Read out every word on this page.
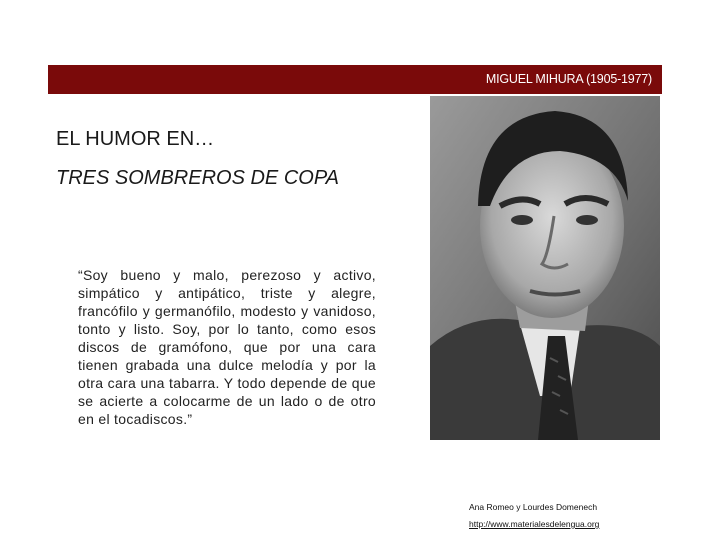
MIGUEL MIHURA (1905-1977)
EL HUMOR EN…
TRES SOMBREROS DE COPA

“Soy bueno y malo, perezoso y activo, simpático y antipático, triste y alegre, francófilo y germanófilo, modesto y vanidoso, tonto y listo. Soy, por lo tanto, como esos discos de gramófono, que por una cara tienen grabada una dulce melodía y por la otra cara una tabarra. Y todo depende de que se acierte a colocarme de un lado o de otro en el tocadiscos.”

Ana Romeo y Lourdes Domenech
http://www.materialesdelengua.org
